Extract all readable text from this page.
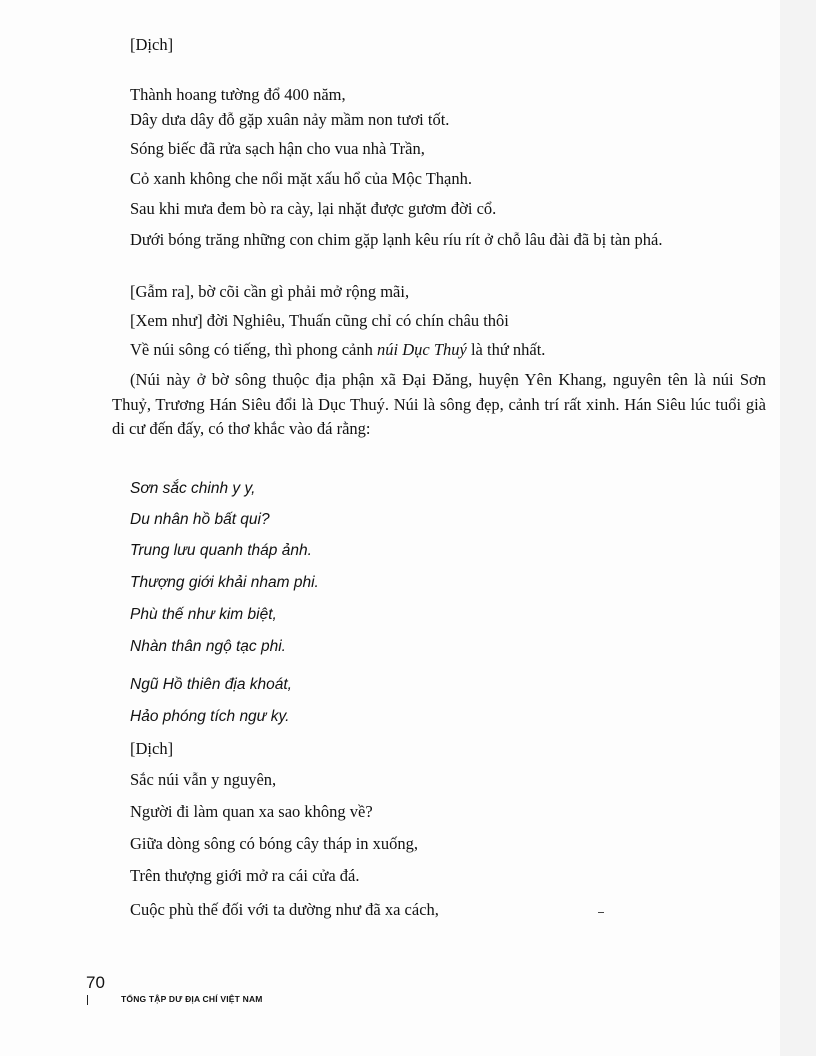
[Dịch]
Thành hoang tường đổ 400 năm,
Dây dưa dây đỗ gặp xuân nảy mầm non tươi tốt.
Sóng biếc đã rửa sạch hận cho vua nhà Trần,
Cỏ xanh không che nổi mặt xấu hổ của Mộc Thạnh.
Sau khi mưa đem bò ra cày, lại nhặt được gươm đời cổ.
Dưới bóng trăng những con chim gặp lạnh kêu ríu rít ở chỗ lâu đài đã bị tàn phá.
[Gẫm ra], bờ cõi cần gì phải mở rộng mãi,
[Xem như] đời Nghiêu, Thuấn cũng chỉ có chín châu thôi
Về núi sông có tiếng, thì phong cảnh núi Dục Thuý là thứ nhất.
(Núi này ở bờ sông thuộc địa phận xã Đại Đăng, huyện Yên Khang, nguyên tên là núi Sơn Thuỷ, Trương Hán Siêu đổi là Dục Thuý. Núi là sông đẹp, cảnh trí rất xinh. Hán Siêu lúc tuổi già di cư đến đấy, có thơ khắc vào đá rằng:
Sơn sắc chinh y y,
Du nhân hồ bất qui?
Trung lưu quanh tháp ảnh.
Thượng giới khải nham phi.
Phù thế như kim biệt,
Nhàn thân ngộ tạc phi.
Ngũ Hồ thiên địa khoát,
Hảo phóng tích ngư ky.
[Dịch]
Sắc núi vẫn y nguyên,
Người đi làm quan xa sao không về?
Giữa dòng sông có bóng cây tháp in xuống,
Trên thượng giới mở ra cái cửa đá.
Cuộc phù thế đối với ta dường như đã xa cách,
70
TỔNG TẬP DƯ ĐỊA CHÍ VIỆT NAM
